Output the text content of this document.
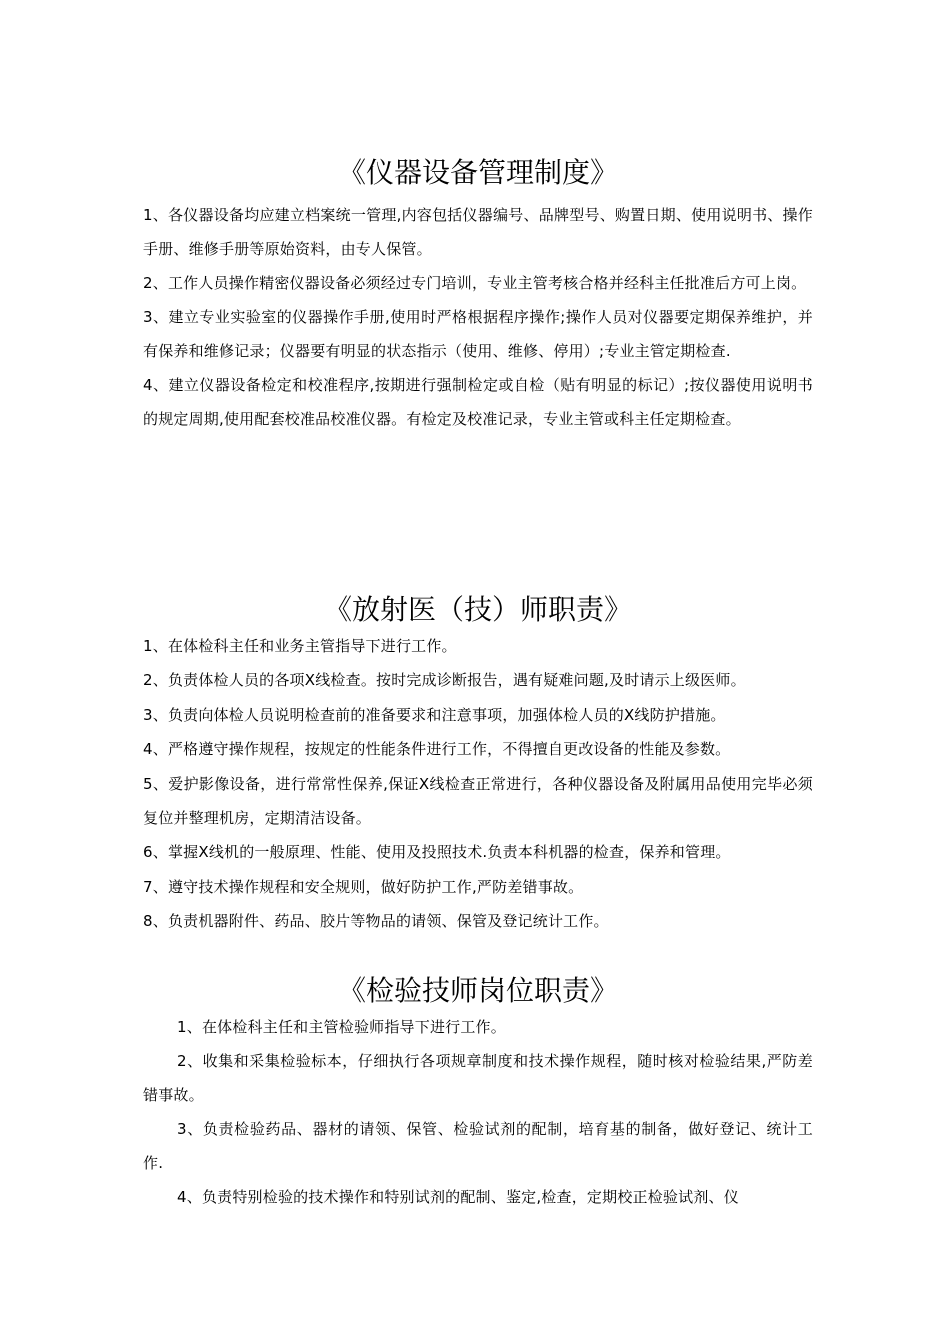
《仪器设备管理制度》

1、各仪器设备均应建立档案统一管理,内容包括仪器编号、品牌型号、购置日期、使用说明书、操作手册、维修手册等原始资料，由专人保管。

2、工作人员操作精密仪器设备必须经过专门培训，专业主管考核合格并经科主任批准后方可上岗。

3、建立专业实验室的仪器操作手册,使用时严格根据程序操作;操作人员对仪器要定期保养维护，并有保养和维修记录；仪器要有明显的状态指示（使用、维修、停用）;专业主管定期检查.

4、建立仪器设备检定和校准程序,按期进行强制检定或自检（贴有明显的标记）;按仪器使用说明书的规定周期,使用配套校准品校准仪器。有检定及校准记录，专业主管或科主任定期检查。

《放射医（技）师职责》

1、在体检科主任和业务主管指导下进行工作。

2、负责体检人员的各项X线检查。按时完成诊断报告，遇有疑难问题,及时请示上级医师。

3、负责向体检人员说明检查前的准备要求和注意事项，加强体检人员的X线防护措施。

4、严格遵守操作规程，按规定的性能条件进行工作，不得擅自更改设备的性能及参数。

5、爱护影像设备，进行常常性保养,保证X线检查正常进行，各种仪器设备及附属用品使用完毕必须复位并整理机房，定期清洁设备。

6、掌握X线机的一般原理、性能、使用及投照技术.负责本科机器的检查，保养和管理。

7、遵守技术操作规程和安全规则，做好防护工作,严防差错事故。

8、负责机器附件、药品、胶片等物品的请领、保管及登记统计工作。

《检验技师岗位职责》

1、在体检科主任和主管检验师指导下进行工作。

2、收集和采集检验标本，仔细执行各项规章制度和技术操作规程，随时核对检验结果,严防差错事故。

3、负责检验药品、器材的请领、保管、检验试剂的配制，培育基的制备，做好登记、统计工作.

4、负责特别检验的技术操作和特别试剂的配制、鉴定,检查，定期校正检验试剂、仪
